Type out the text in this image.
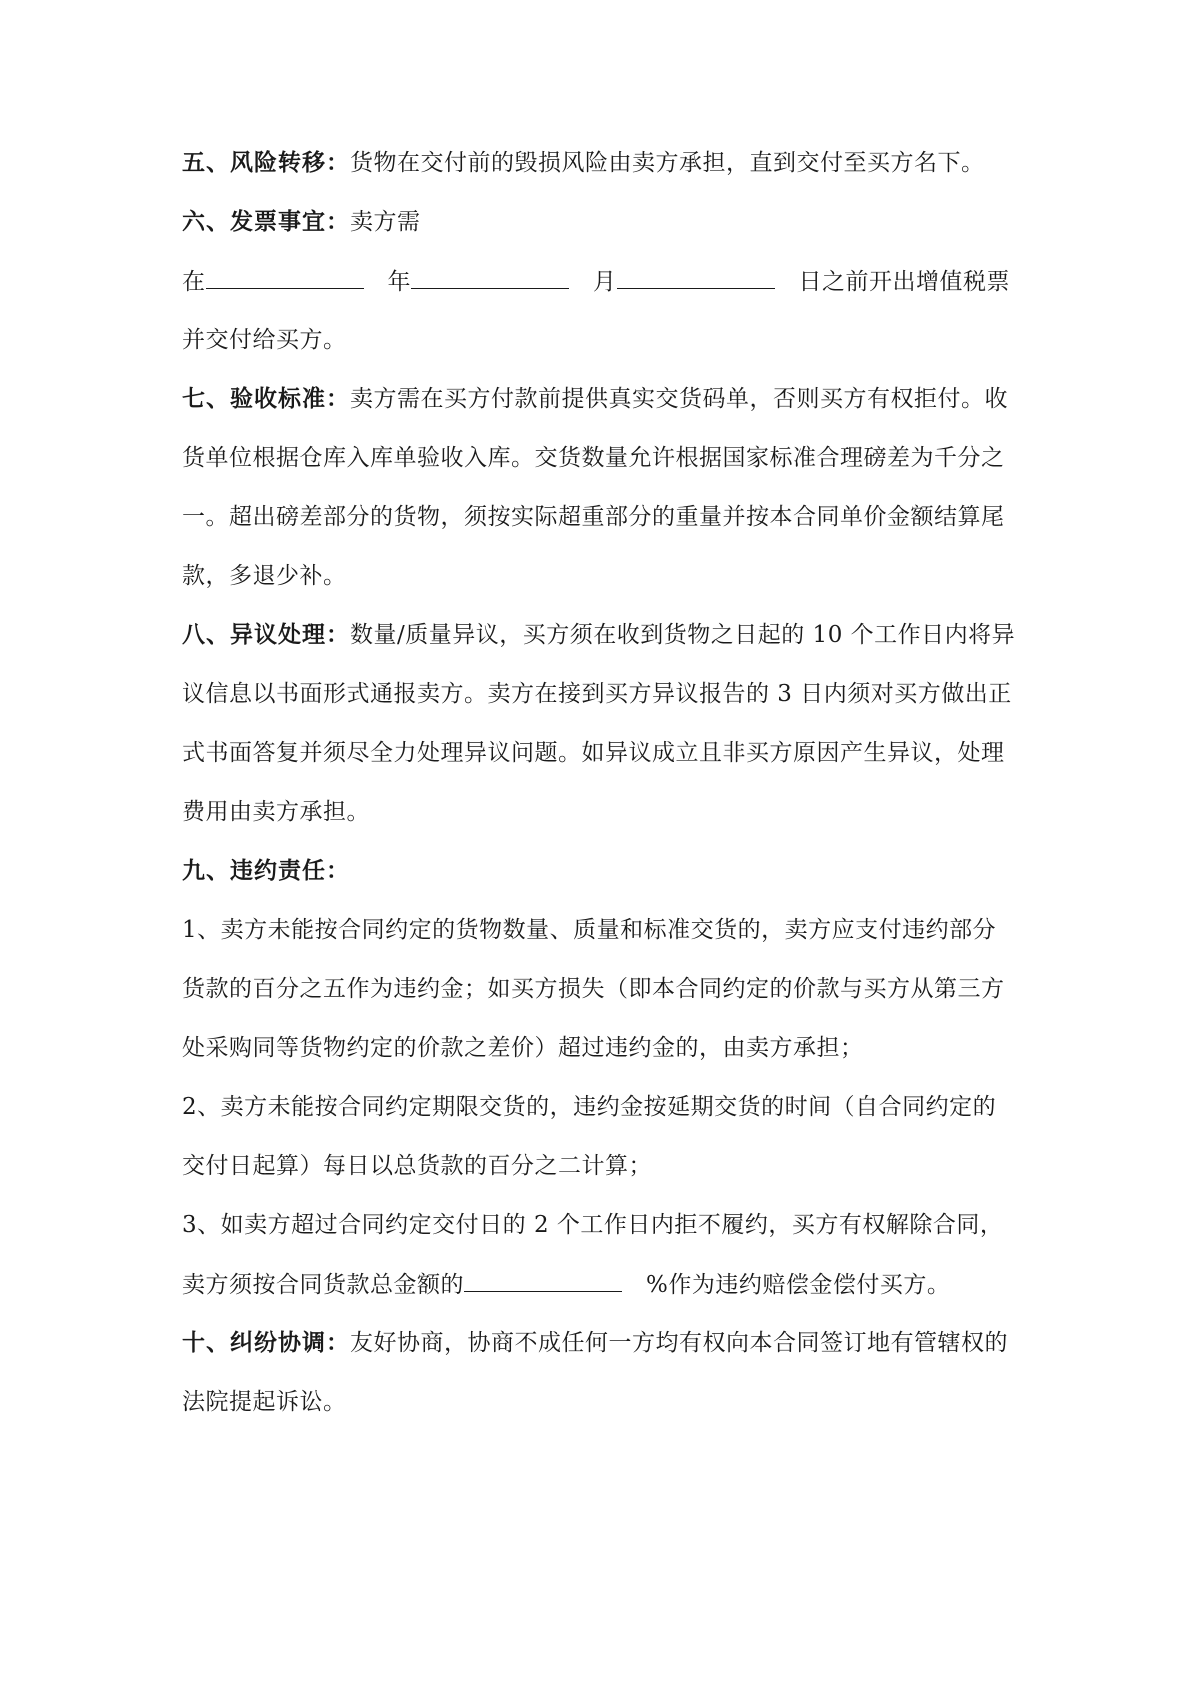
五、风险转移：货物在交付前的毁损风险由卖方承担，直到交付至买方名下。
六、发票事宜：卖方需
在	年	月	日之前开出增值税票
并交付给买方。
七、验收标准：卖方需在买方付款前提供真实交货码单，否则买方有权拒付。收
货单位根据仓库入库单验收入库。交货数量允许根据国家标准合理磅差为千分之
一。超出磅差部分的货物，须按实际超重部分的重量并按本合同单价金额结算尾
款，多退少补。
八、异议处理：数量/质量异议，买方须在收到货物之日起的 10 个工作日内将异
议信息以书面形式通报卖方。卖方在接到买方异议报告的 3 日内须对买方做出正
式书面答复并须尽全力处理异议问题。如异议成立且非买方原因产生异议，处理
费用由卖方承担。
九、违约责任：
1、卖方未能按合同约定的货物数量、质量和标准交货的，卖方应支付违约部分
货款的百分之五作为违约金；如买方损失（即本合同约定的价款与买方从第三方
处采购同等货物约定的价款之差价）超过违约金的，由卖方承担；
2、卖方未能按合同约定期限交货的，违约金按延期交货的时间（自合同约定的
交付日起算）每日以总货款的百分之二计算；
3、如卖方超过合同约定交付日的 2 个工作日内拒不履约，买方有权解除合同，
卖方须按合同货款总金额的	%作为违约赔偿金偿付买方。
十、纠纷协调：友好协商，协商不成任何一方均有权向本合同签订地有管辖权的
法院提起诉讼。
